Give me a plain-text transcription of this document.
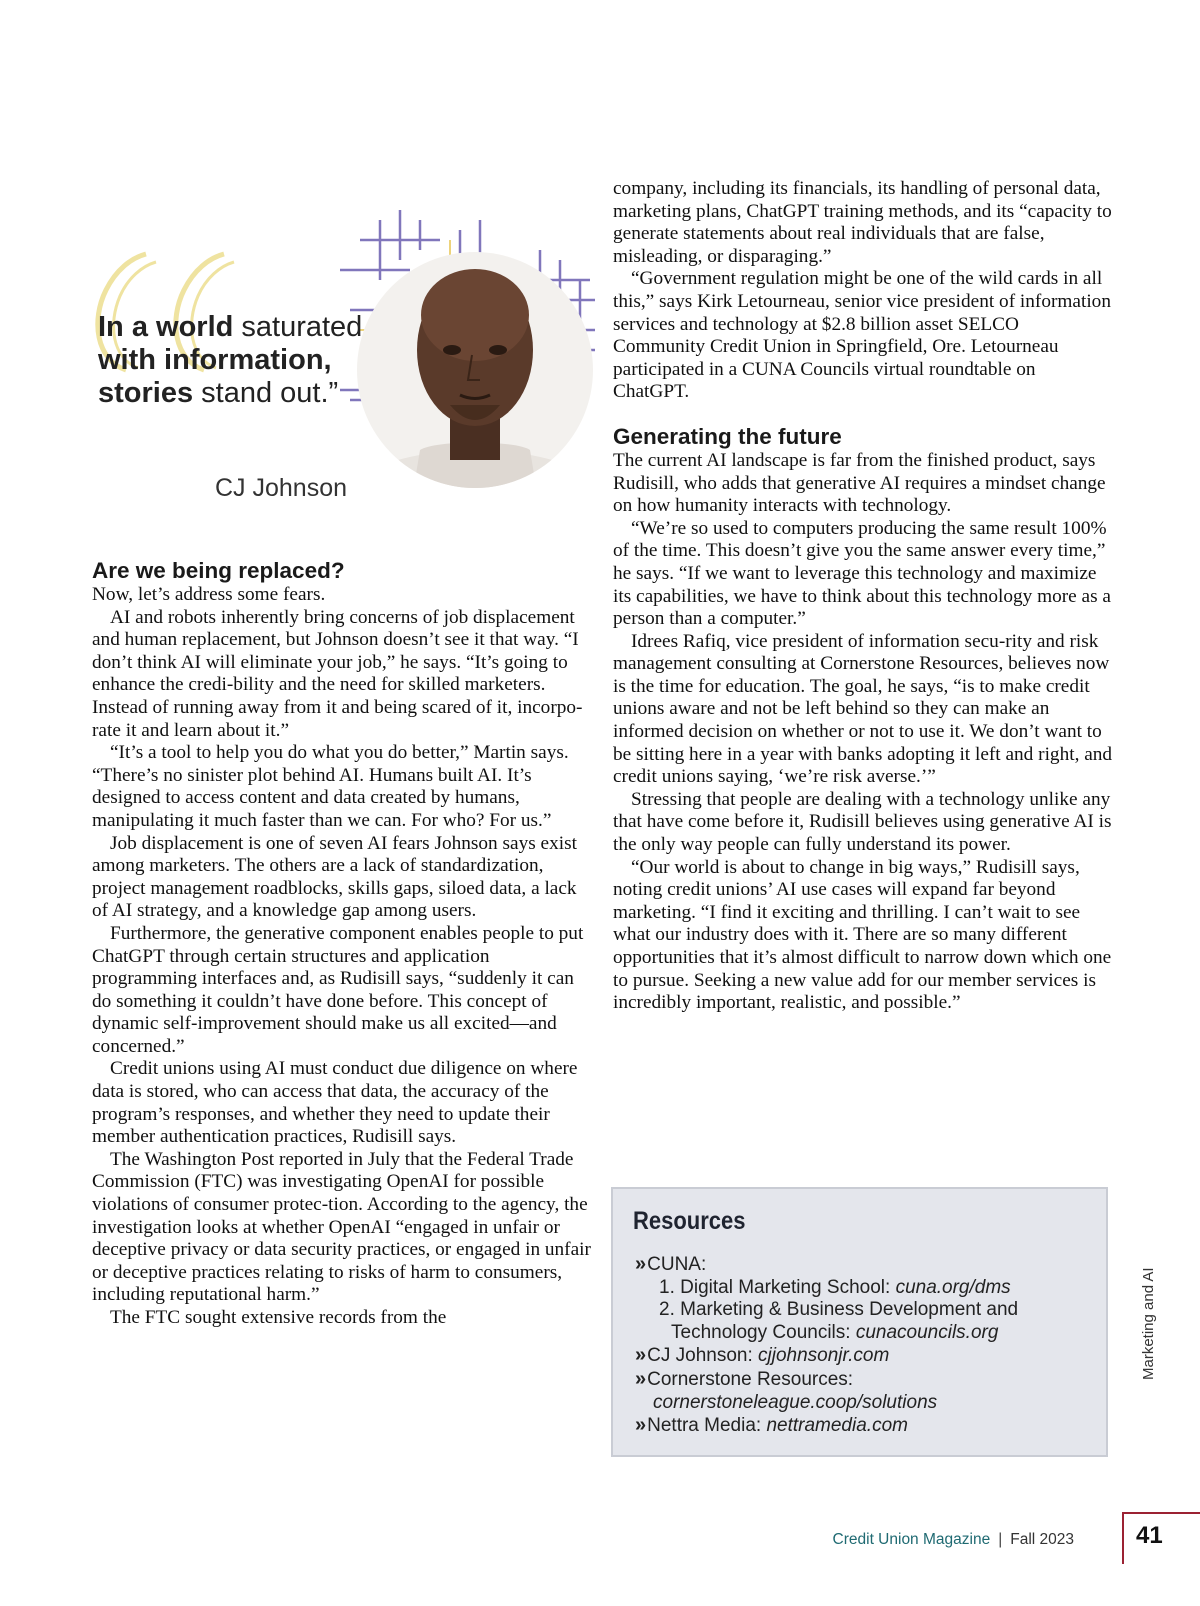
In a world saturated
with information,
stories stand out.”
CJ Johnson
Are we being replaced?

Now, let’s address some fears.

AI and robots inherently bring concerns of job displacement and human replacement, but Johnson doesn’t see it that way. “I don’t think AI will eliminate your job,” he says. “It’s going to enhance the credi-bility and the need for skilled marketers. Instead of running away from it and being scared of it, incorpo-rate it and learn about it.”

“It’s a tool to help you do what you do better,” Martin says. “There’s no sinister plot behind AI. Humans built AI. It’s designed to access content and data created by humans, manipulating it much faster than we can. For who? For us.”

Job displacement is one of seven AI fears Johnson says exist among marketers. The others are a lack of standardization, project management roadblocks, skills gaps, siloed data, a lack of AI strategy, and a knowledge gap among users.

Furthermore, the generative component enables people to put ChatGPT through certain structures and application programming interfaces and, as Rudisill says, “suddenly it can do something it couldn’t have done before. This concept of dynamic self-improvement should make us all excited—and concerned.”

Credit unions using AI must conduct due diligence on where data is stored, who can access that data, the accuracy of the program’s responses, and whether they need to update their member authentication practices, Rudisill says.

The Washington Post reported in July that the Federal Trade Commission (FTC) was investigating OpenAI for possible violations of consumer protec-tion. According to the agency, the investigation looks at whether OpenAI “engaged in unfair or deceptive privacy or data security practices, or engaged in unfair or deceptive practices relating to risks of harm to consumers, including reputational harm.”

The FTC sought extensive records from the

company, including its financials, its handling of personal data, marketing plans, ChatGPT training methods, and its “capacity to generate statements about real individuals that are false, misleading, or disparaging.”

“Government regulation might be one of the wild cards in all this,” says Kirk Letourneau, senior vice president of information services and technology at $2.8 billion asset SELCO Community Credit Union in Springfield, Ore. Letourneau participated in a CUNA Councils virtual roundtable on ChatGPT.

Generating the future

The current AI landscape is far from the finished product, says Rudisill, who adds that generative AI requires a mindset change on how humanity interacts with technology.

“We’re so used to computers producing the same result 100% of the time. This doesn’t give you the same answer every time,” he says. “If we want to leverage this technology and maximize its capabilities, we have to think about this technology more as a person than a computer.”

Idrees Rafiq, vice president of information secu-rity and risk management consulting at Cornerstone Resources, believes now is the time for education. The goal, he says, “is to make credit unions aware and not be left behind so they can make an informed decision on whether or not to use it. We don’t want to be sitting here in a year with banks adopting it left and right, and credit unions saying, ‘we’re risk averse.’”

Stressing that people are dealing with a technology unlike any that have come before it, Rudisill believes using generative AI is the only way people can fully understand its power.

“Our world is about to change in big ways,” Rudisill says, noting credit unions’ AI use cases will expand far beyond marketing. “I find it exciting and thrilling. I can’t wait to see what our industry does with it. There are so many different opportunities that it’s almost difficult to narrow down which one to pursue. Seeking a new value add for our member services is incredibly important, realistic, and possible.”

Resources
» CUNA:
1. Digital Marketing School: cuna.org/dms
2. Marketing & Business Development and
Technology Councils: cunacouncils.org
» CJ Johnson: cjjohnsonjr.com
» Cornerstone Resources:
cornerstoneleague.coop/solutions
» Nettra Media: nettramedia.com
Marketing and AI
Credit Union Magazine | Fall 2023	41
